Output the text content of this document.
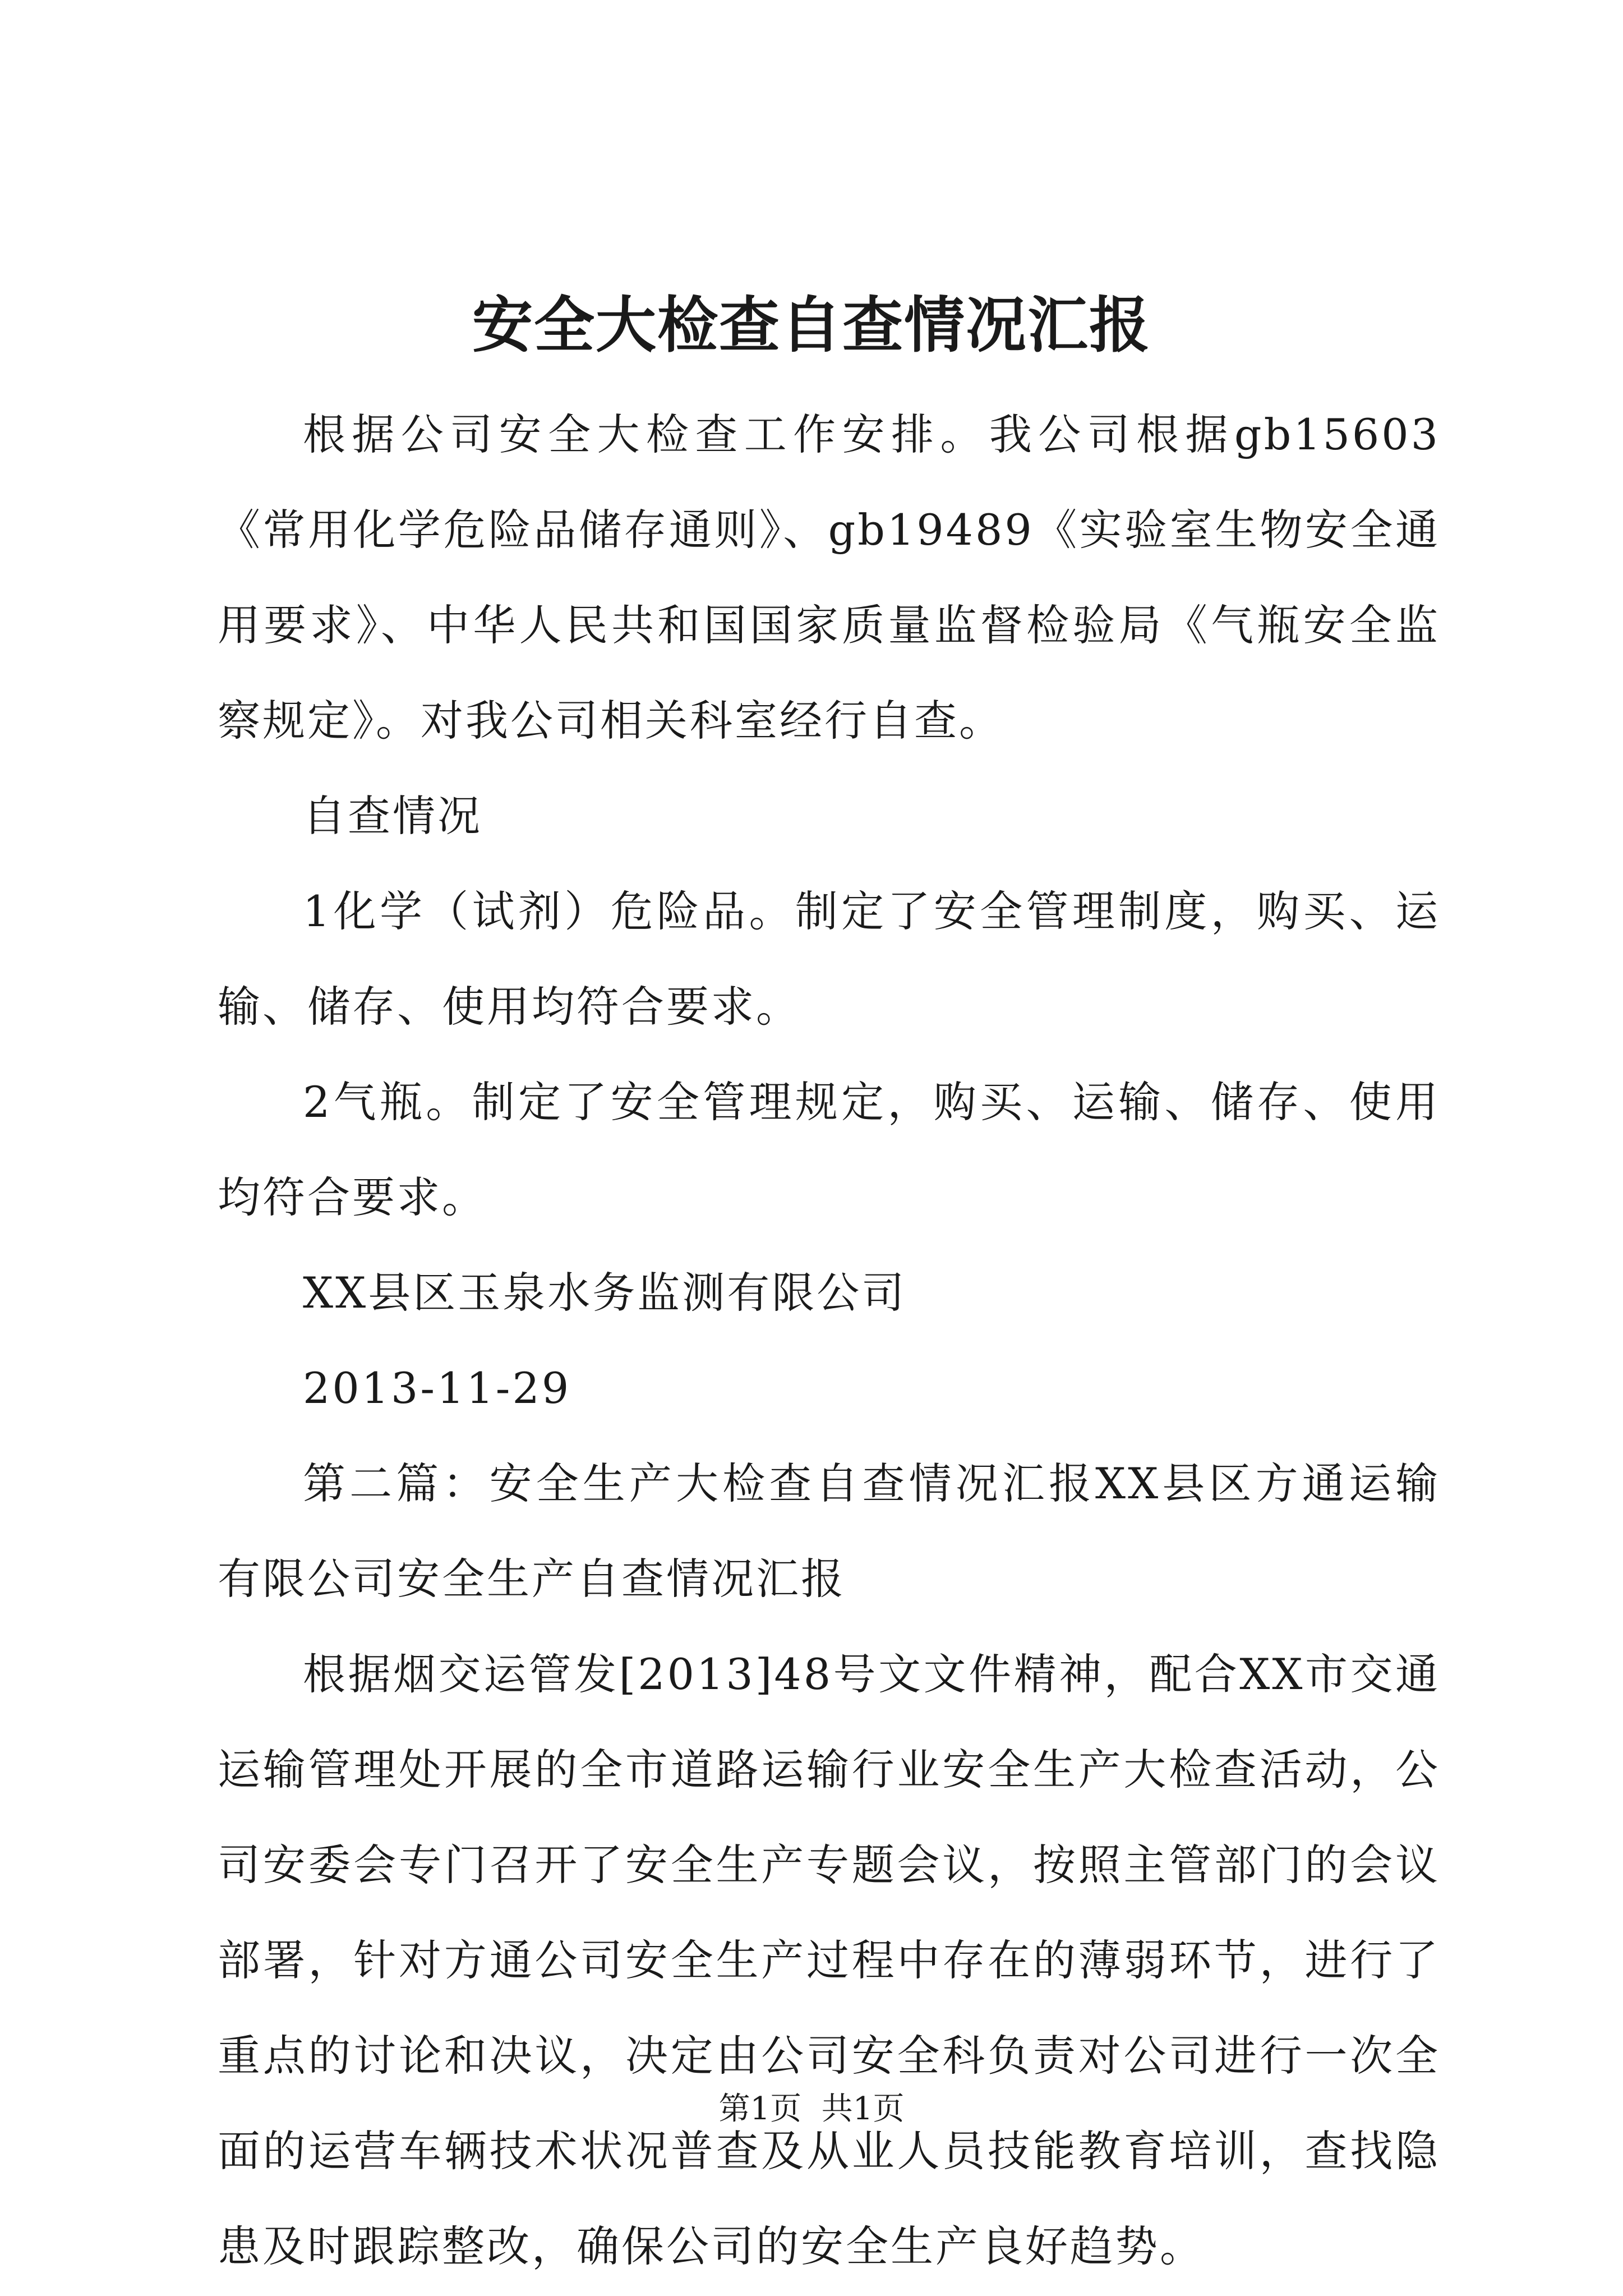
安全大检查自查情况汇报

根据公司安全大检查工作安排。我公司根据gb15603《常用化学危险品储存通则》、gb19489《实验室生物安全通用要求》、中华人民共和国国家质量监督检验局《气瓶安全监察规定》。对我公司相关科室经行自查。

自查情况

1化学（试剂）危险品。制定了安全管理制度，购买、运输、储存、使用均符合要求。

2气瓶。制定了安全管理规定，购买、运输、储存、使用均符合要求。

XX县区玉泉水务监测有限公司

2013-11-29

第二篇：安全生产大检查自查情况汇报XX县区方通运输有限公司安全生产自查情况汇报

根据烟交运管发[2013]48号文文件精神，配合XX市交通运输管理处开展的全市道路运输行业安全生产大检查活动，公司安委会专门召开了安全生产专题会议，按照主管部门的会议部署，针对方通公司安全生产过程中存在的薄弱环节，进行了重点的讨论和决议，决定由公司安全科负责对公司进行一次全面的运营车辆技术状况普查及从业人员技能教育培训，查找隐患及时跟踪整改，确保公司的安全生产良好趋势。

第1页 共1页
